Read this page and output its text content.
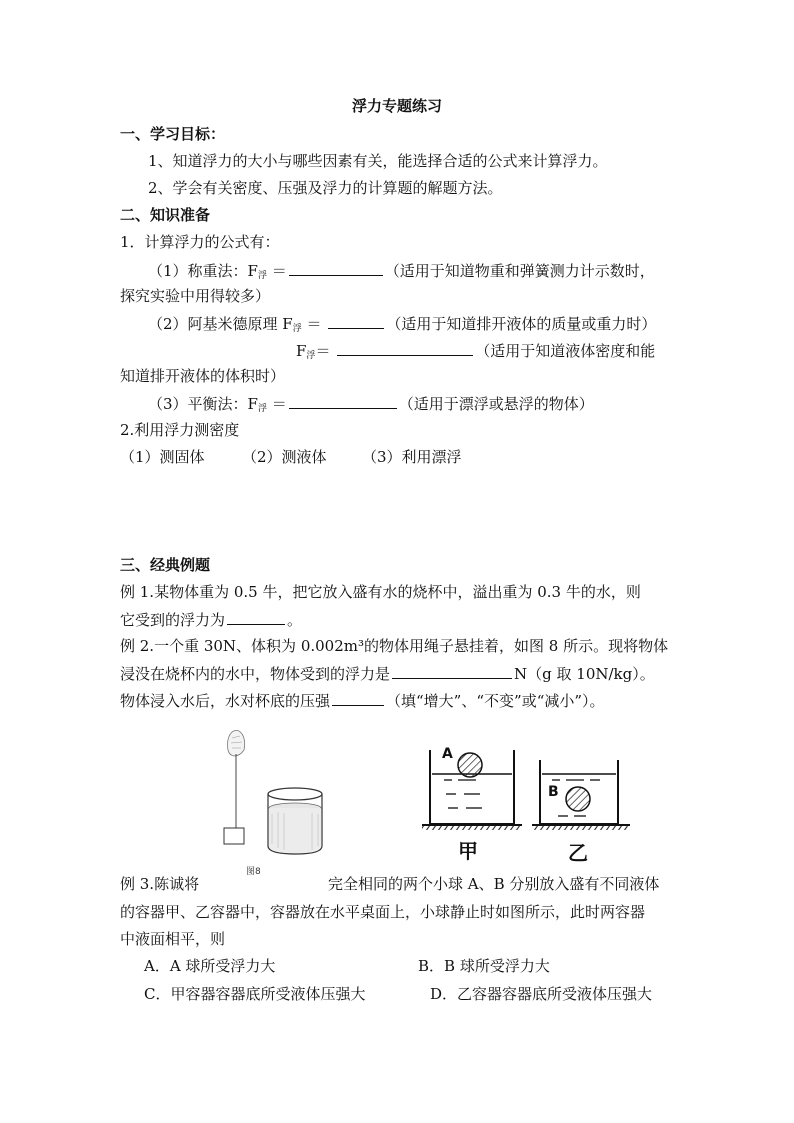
浮力专题练习
一、学习目标：
1、知道浮力的大小与哪些因素有关，能选择合适的公式来计算浮力。
2、学会有关密度、压强及浮力的计算题的解题方法。
二、知识准备
1．计算浮力的公式有：
（1）称重法：$F_浮$ ＝	（适用于知道物重和弹簧测力计示数时，
探究实验中用得较多）
（2）阿基米德原理 $F_浮$ ＝	（适用于知道排开液体的质量或重力时）
$F_浮=$	（适用于知道液体密度和能
知道排开液体的体积时）
（3）平衡法：$F_浮$ ＝	（适用于漂浮或悬浮的物体）
2.利用浮力测密度
（1）测固体 （2）测液体 （3）利用漂浮
三、经典例题
例 1.某物体重为 0.5 牛，把它放入盛有水的烧杯中，溢出重为 0.3 牛的水，则
它受到的浮力为	。
例 2.一个重 30N、体积为 0.002m³的物体用绳子悬挂着，如图 8 所示。现将物体
浸没在烧杯内的水中，物体受到的浮力是	N（g 取 10N/kg）。
物体浸入水后，水对杯底的压强	（填“增大”、“不变”或“减小”）。
图8
A
B
甲	乙
例 3.陈诚将	完全相同的两个小球 A、B 分别放入盛有不同液体
的容器甲、乙容器中，容器放在水平桌面上，小球静止时如图所示，此时两容器
中液面相平，则
A．A 球所受浮力大	B．B 球所受浮力大
C．甲容器容器底所受液体压强大	D．乙容器容器底所受液体压强大
